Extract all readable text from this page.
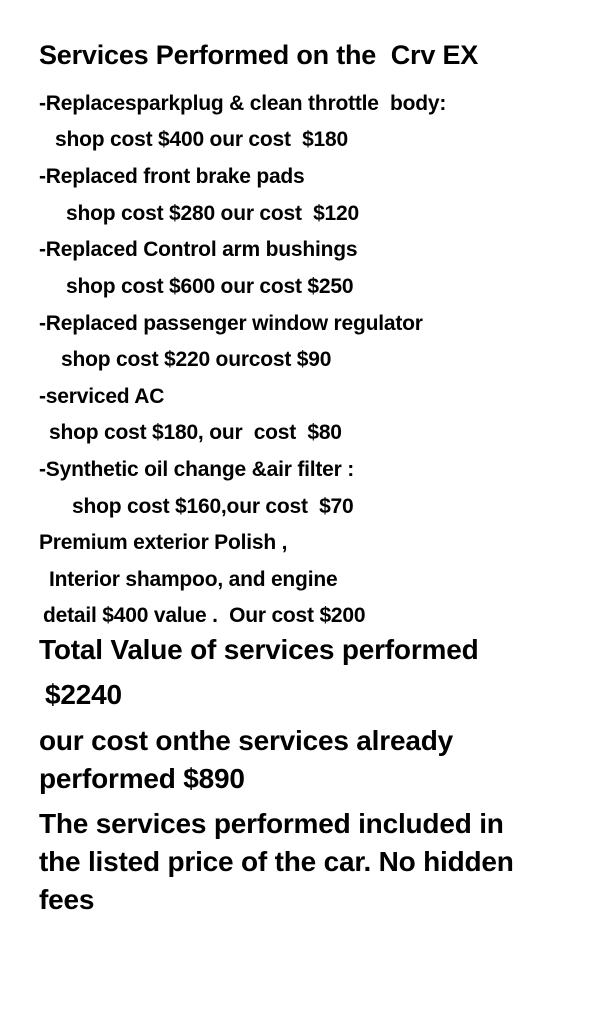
Services Performed on the  Crv EX
-Replacesparkplug & clean throttle  body:
shop cost $400 our cost  $180
-Replaced front brake pads
shop cost $280 our cost  $120
-Replaced Control arm bushings
shop cost $600 our cost $250
-Replaced passenger window regulator
shop cost $220 ourcost $90
-serviced AC
shop cost $180, our  cost  $80
-Synthetic oil change &air filter :
shop cost $160,our cost  $70
Premium exterior Polish ,
Interior shampoo, and engine
detail $400 value .  Our cost $200
Total Value of services performed
$2240
our cost onthe services already
performed $890
The services performed included in
the listed price of the car. No hidden
fees
